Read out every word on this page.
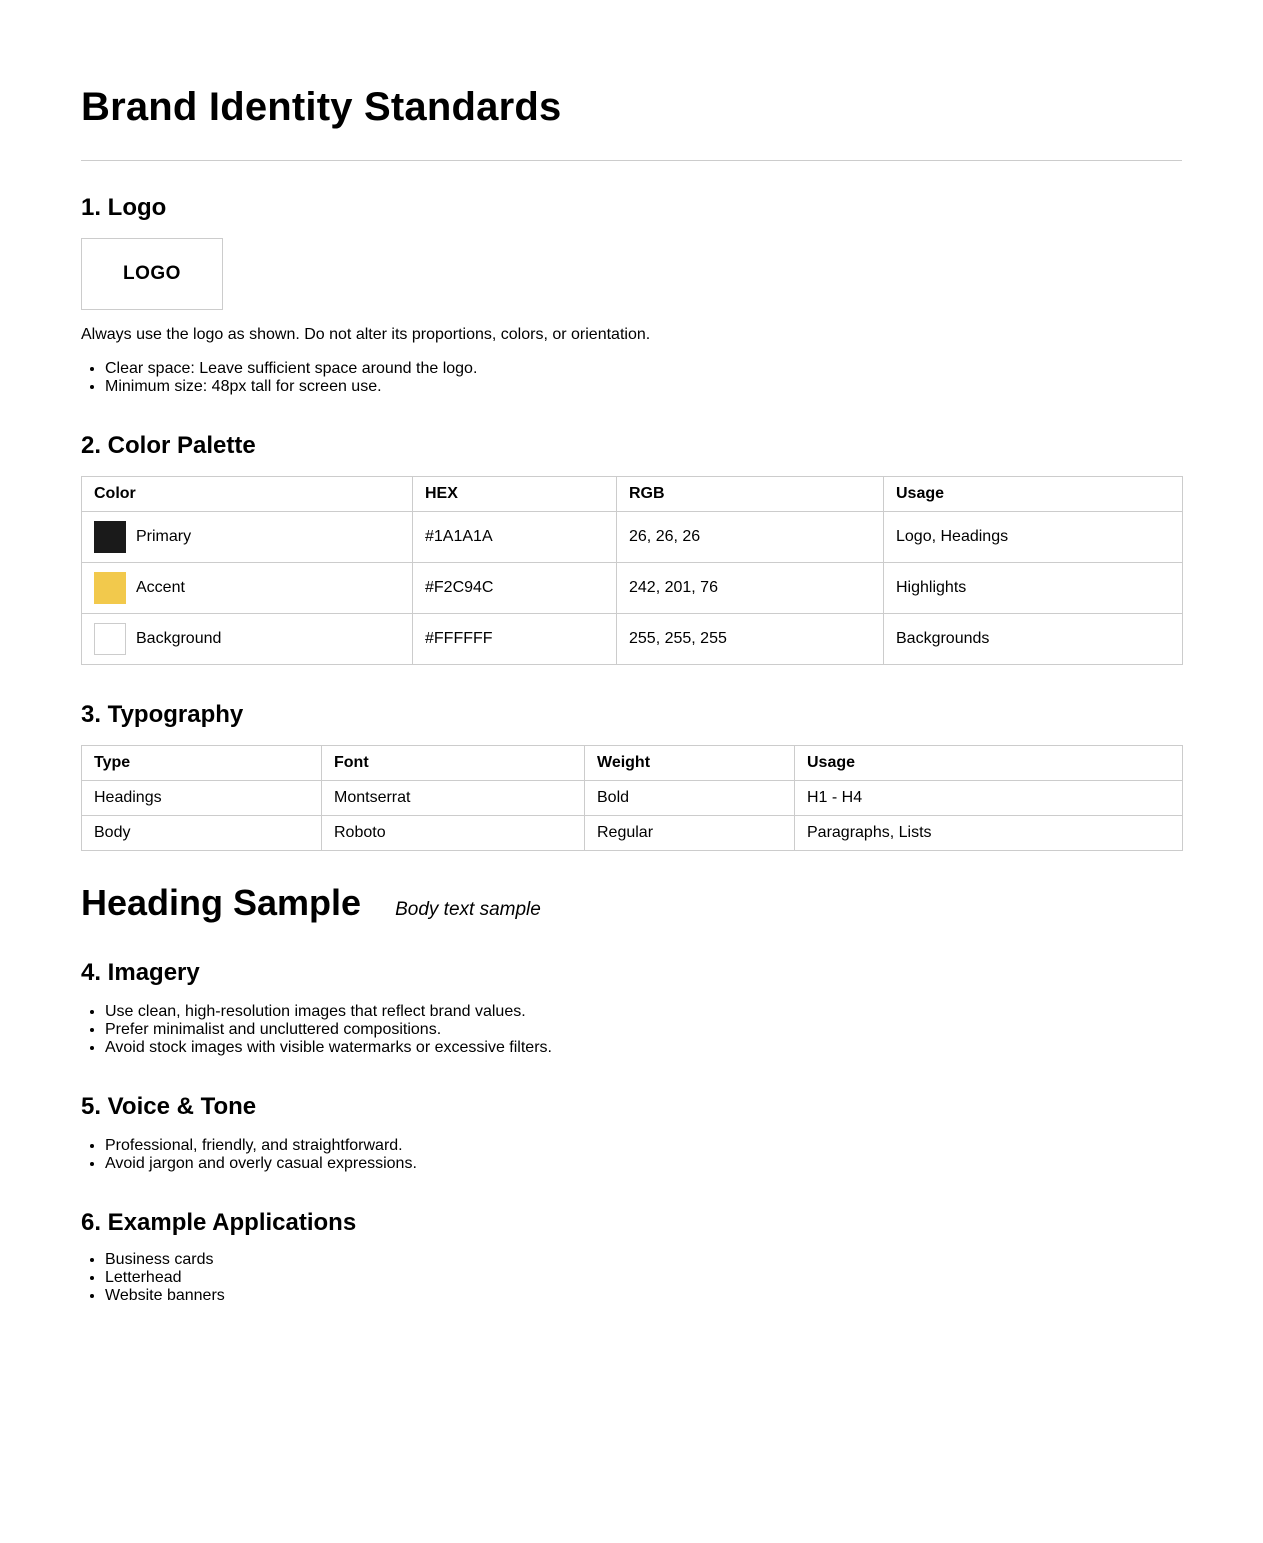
Brand Identity Standards
1. Logo
LOGO

Always use the logo as shown. Do not alter its proportions, colors, or orientation.

• Clear space: Leave sufficient space around the logo.
• Minimum size: 48px tall for screen use.
2. Color Palette
Color	HEX	RGB	Usage

Primary	#1A1A1A	26, 26, 26	Logo, Headings

Accent	#F2C94C	242, 201, 76	Highlights

Background	#FFFFFF	255, 255, 255	Backgrounds
3. Typography
Type	Font	Weight	Usage
Headings	Montserrat	Bold	H1 - H4
Body	Roboto	Regular	Paragraphs, Lists
Heading Sample Body text sample
4. Imagery
• Use clean, high-resolution images that reflect brand values.
• Prefer minimalist and uncluttered compositions.
• Avoid stock images with visible watermarks or excessive filters.
5. Voice & Tone
• Professional, friendly, and straightforward.
• Avoid jargon and overly casual expressions.
6. Example Applications
• Business cards
• Letterhead
• Website banners
